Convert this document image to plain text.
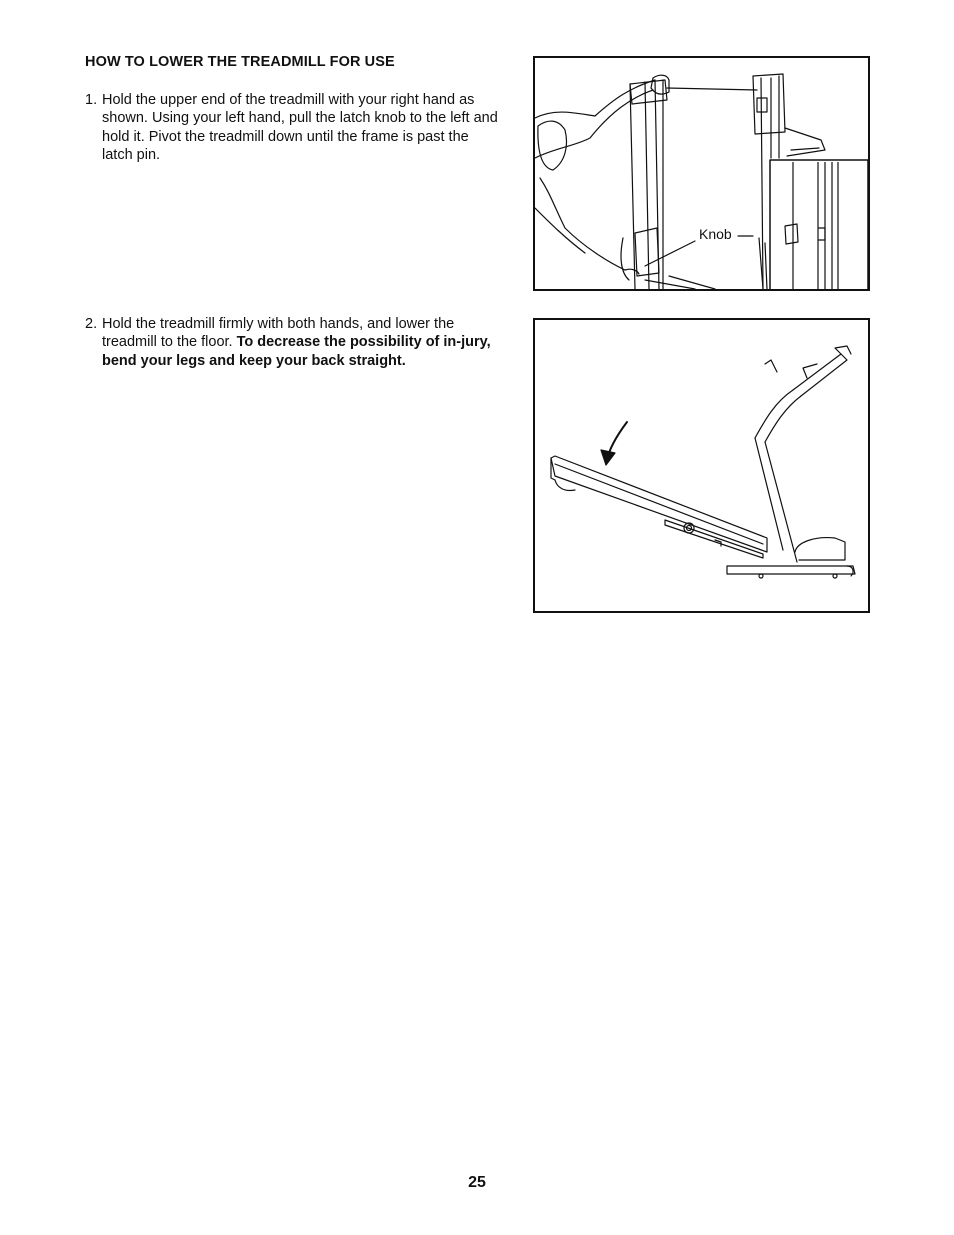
HOW TO LOWER THE TREADMILL FOR USE
1. Hold the upper end of the treadmill with your right hand as shown. Using your left hand, pull the latch knob to the left and hold it. Pivot the treadmill down until the frame is past the latch pin.
2. Hold the treadmill firmly with both hands, and lower the treadmill to the floor. To decrease the possibility of in-jury, bend your legs and keep your back straight.
Knob
25
